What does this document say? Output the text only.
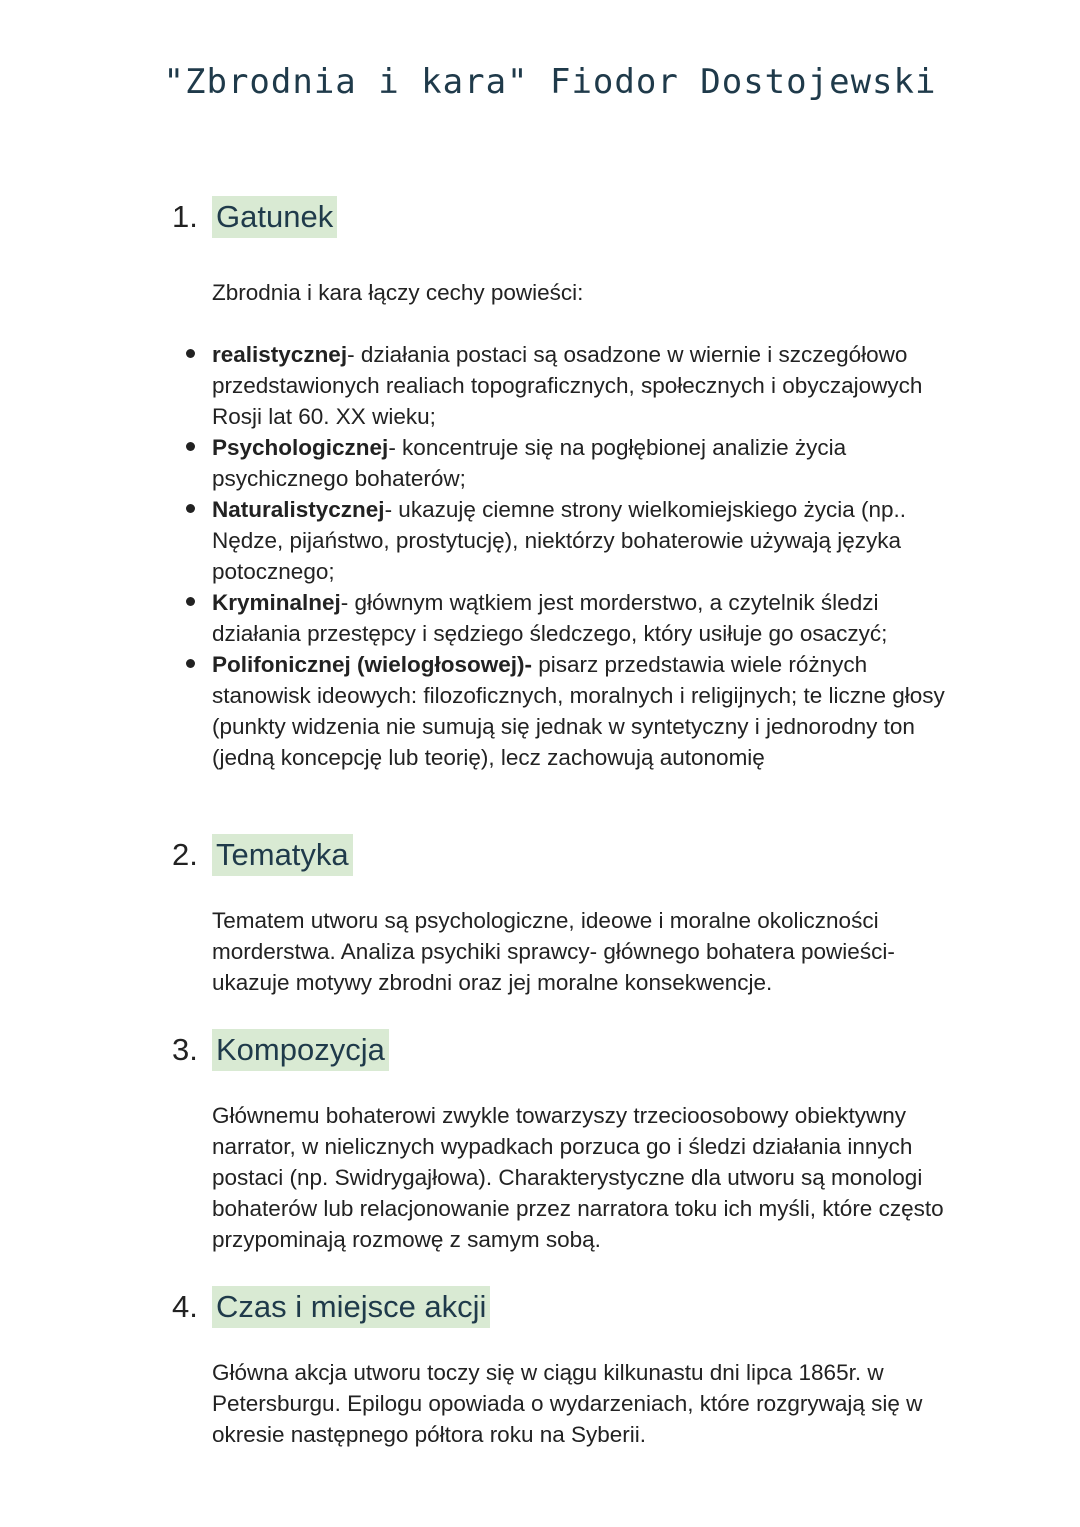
"Zbrodnia i kara" Fiodor Dostojewski
1. Gatunek

Zbrodnia i kara łączy cechy powieści:

realistycznej- działania postaci są osadzone w wiernie i szczegółowo przedstawionych realiach topograficznych, społecznych i obyczajowych Rosji lat 60. XX wieku;
Psychologicznej- koncentruje się na pogłębionej analizie życia psychicznego bohaterów;
Naturalistycznej- ukazuję ciemne strony wielkomiejskiego życia (np.. Nędze, pijaństwo, prostytucję), niektórzy bohaterowie używają języka potocznego;
Kryminalnej- głównym wątkiem jest morderstwo, a czytelnik śledzi działania przestępcy i sędziego śledczego, który usiłuje go osaczyć;
Polifonicznej (wielogłosowej)- pisarz przedstawia wiele różnych stanowisk ideowych: filozoficznych, moralnych i religijnych; te liczne głosy (punkty widzenia nie sumują się jednak w syntetyczny i jednorodny ton (jedną koncepcję lub teorię), lecz zachowują autonomię
2. Tematyka

Tematem utworu są psychologiczne, ideowe i moralne okoliczności morderstwa. Analiza psychiki sprawcy- głównego bohatera powieści- ukazuje motywy zbrodni oraz jej moralne konsekwencje.

3. Kompozycja

Głównemu bohaterowi zwykle towarzyszy trzecioosobowy obiektywny narrator, w nielicznych wypadkach porzuca go i śledzi działania innych postaci (np. Swidrygajłowa). Charakterystyczne dla utworu są monologi bohaterów lub relacjonowanie przez narratora toku ich myśli, które często przypominają rozmowę z samym sobą.

4. Czas i miejsce akcji

Główna akcja utworu toczy się w ciągu kilkunastu dni lipca 1865r. w Petersburgu. Epilogu opowiada o wydarzeniach, które rozgrywają się w okresie następnego półtora roku na Syberii.
